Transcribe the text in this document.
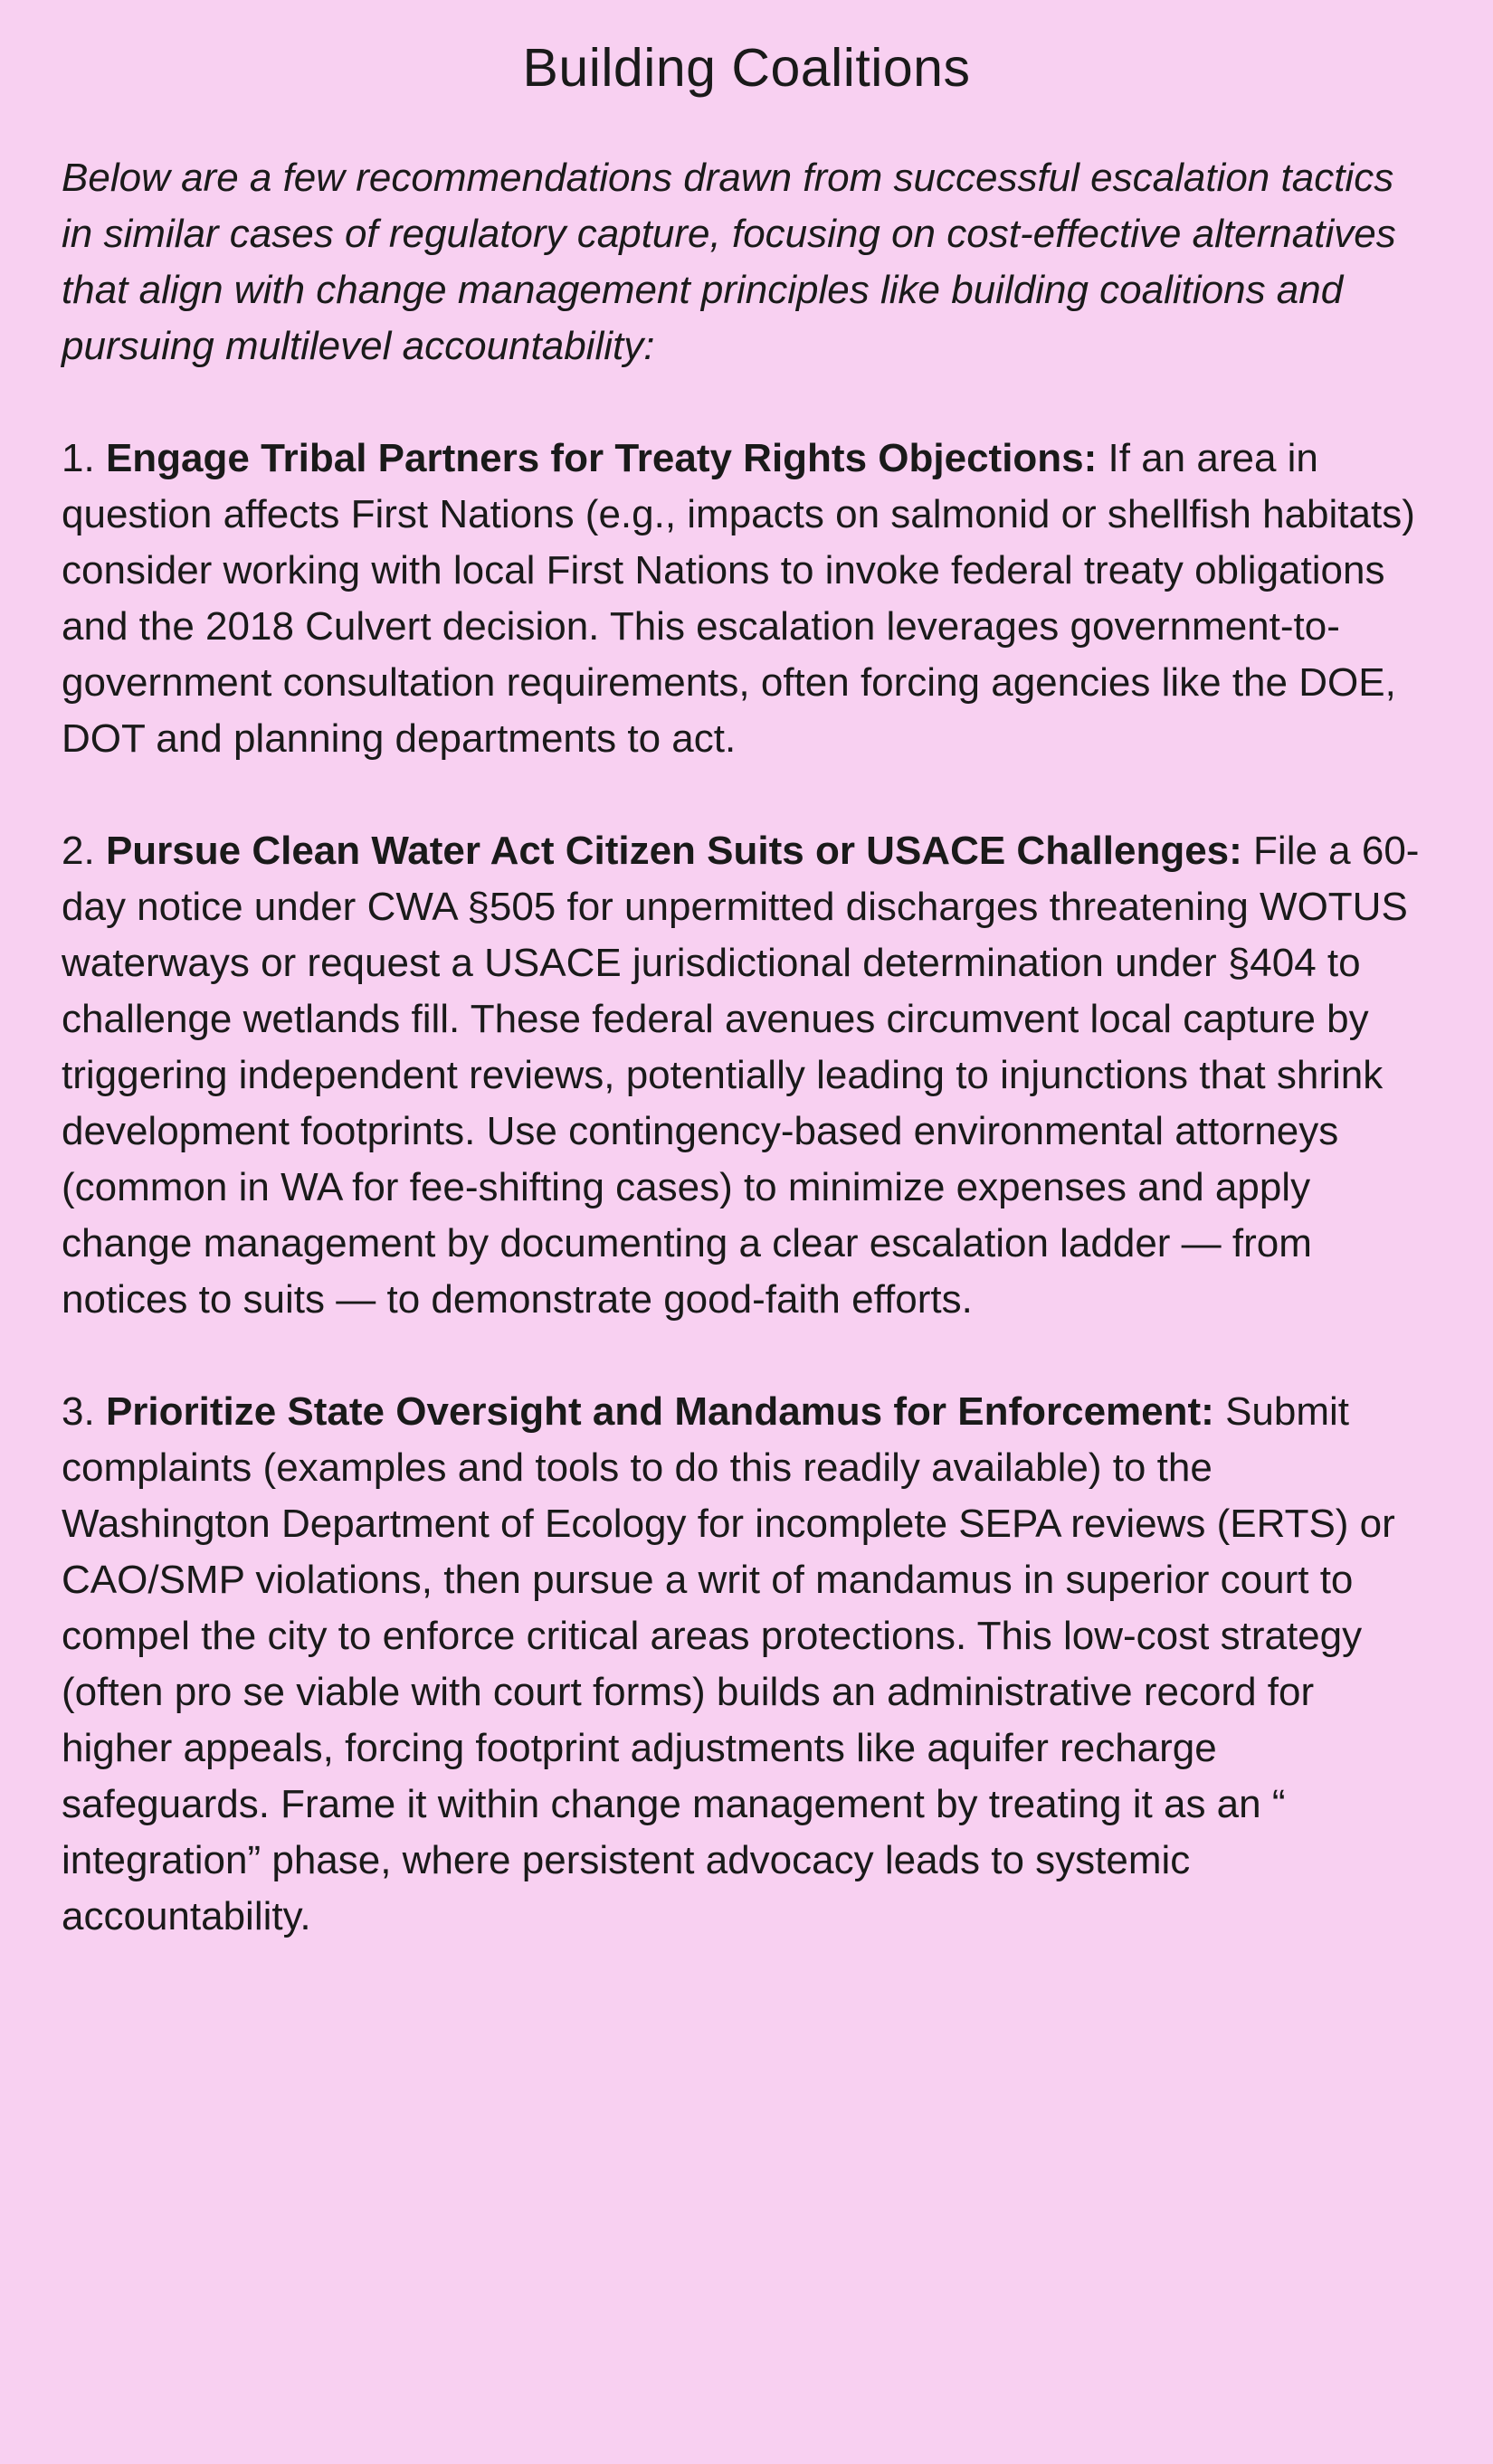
Building Coalitions

Below are a few recommendations drawn from successful escalation tactics in similar cases of regulatory capture, focusing on cost-effective alternatives that align with change management principles like building coalitions and pursuing multilevel accountability:

1. Engage Tribal Partners for Treaty Rights Objections: If an area in question affects First Nations (e.g., impacts on salmonid or shellfish habitats) consider working with local First Nations to invoke federal treaty obligations and the 2018 Culvert decision. This escalation leverages government-to-government consultation requirements, often forcing agencies like the DOE, DOT and planning departments to act.

2. Pursue Clean Water Act Citizen Suits or USACE Challenges: File a 60-day notice under CWA §505 for unpermitted discharges threatening WOTUS waterways or request a USACE jurisdictional determination under §404 to challenge wetlands fill. These federal avenues circumvent local capture by triggering independent reviews, potentially leading to injunctions that shrink development footprints. Use contingency-based environmental attorneys (common in WA for fee-shifting cases) to minimize expenses and apply change management by documenting a clear escalation ladder — from notices to suits — to demonstrate good-faith efforts.

3. Prioritize State Oversight and Mandamus for Enforcement: Submit complaints (examples and tools to do this readily available) to the Washington Department of Ecology for incomplete SEPA reviews (ERTS) or CAO/SMP violations, then pursue a writ of mandamus in superior court to compel the city to enforce critical areas protections. This low-cost strategy (often pro se viable with court forms) builds an administrative record for higher appeals, forcing footprint adjustments like aquifer recharge safeguards. Frame it within change management by treating it as an “ integration” phase, where persistent advocacy leads to systemic accountability.
